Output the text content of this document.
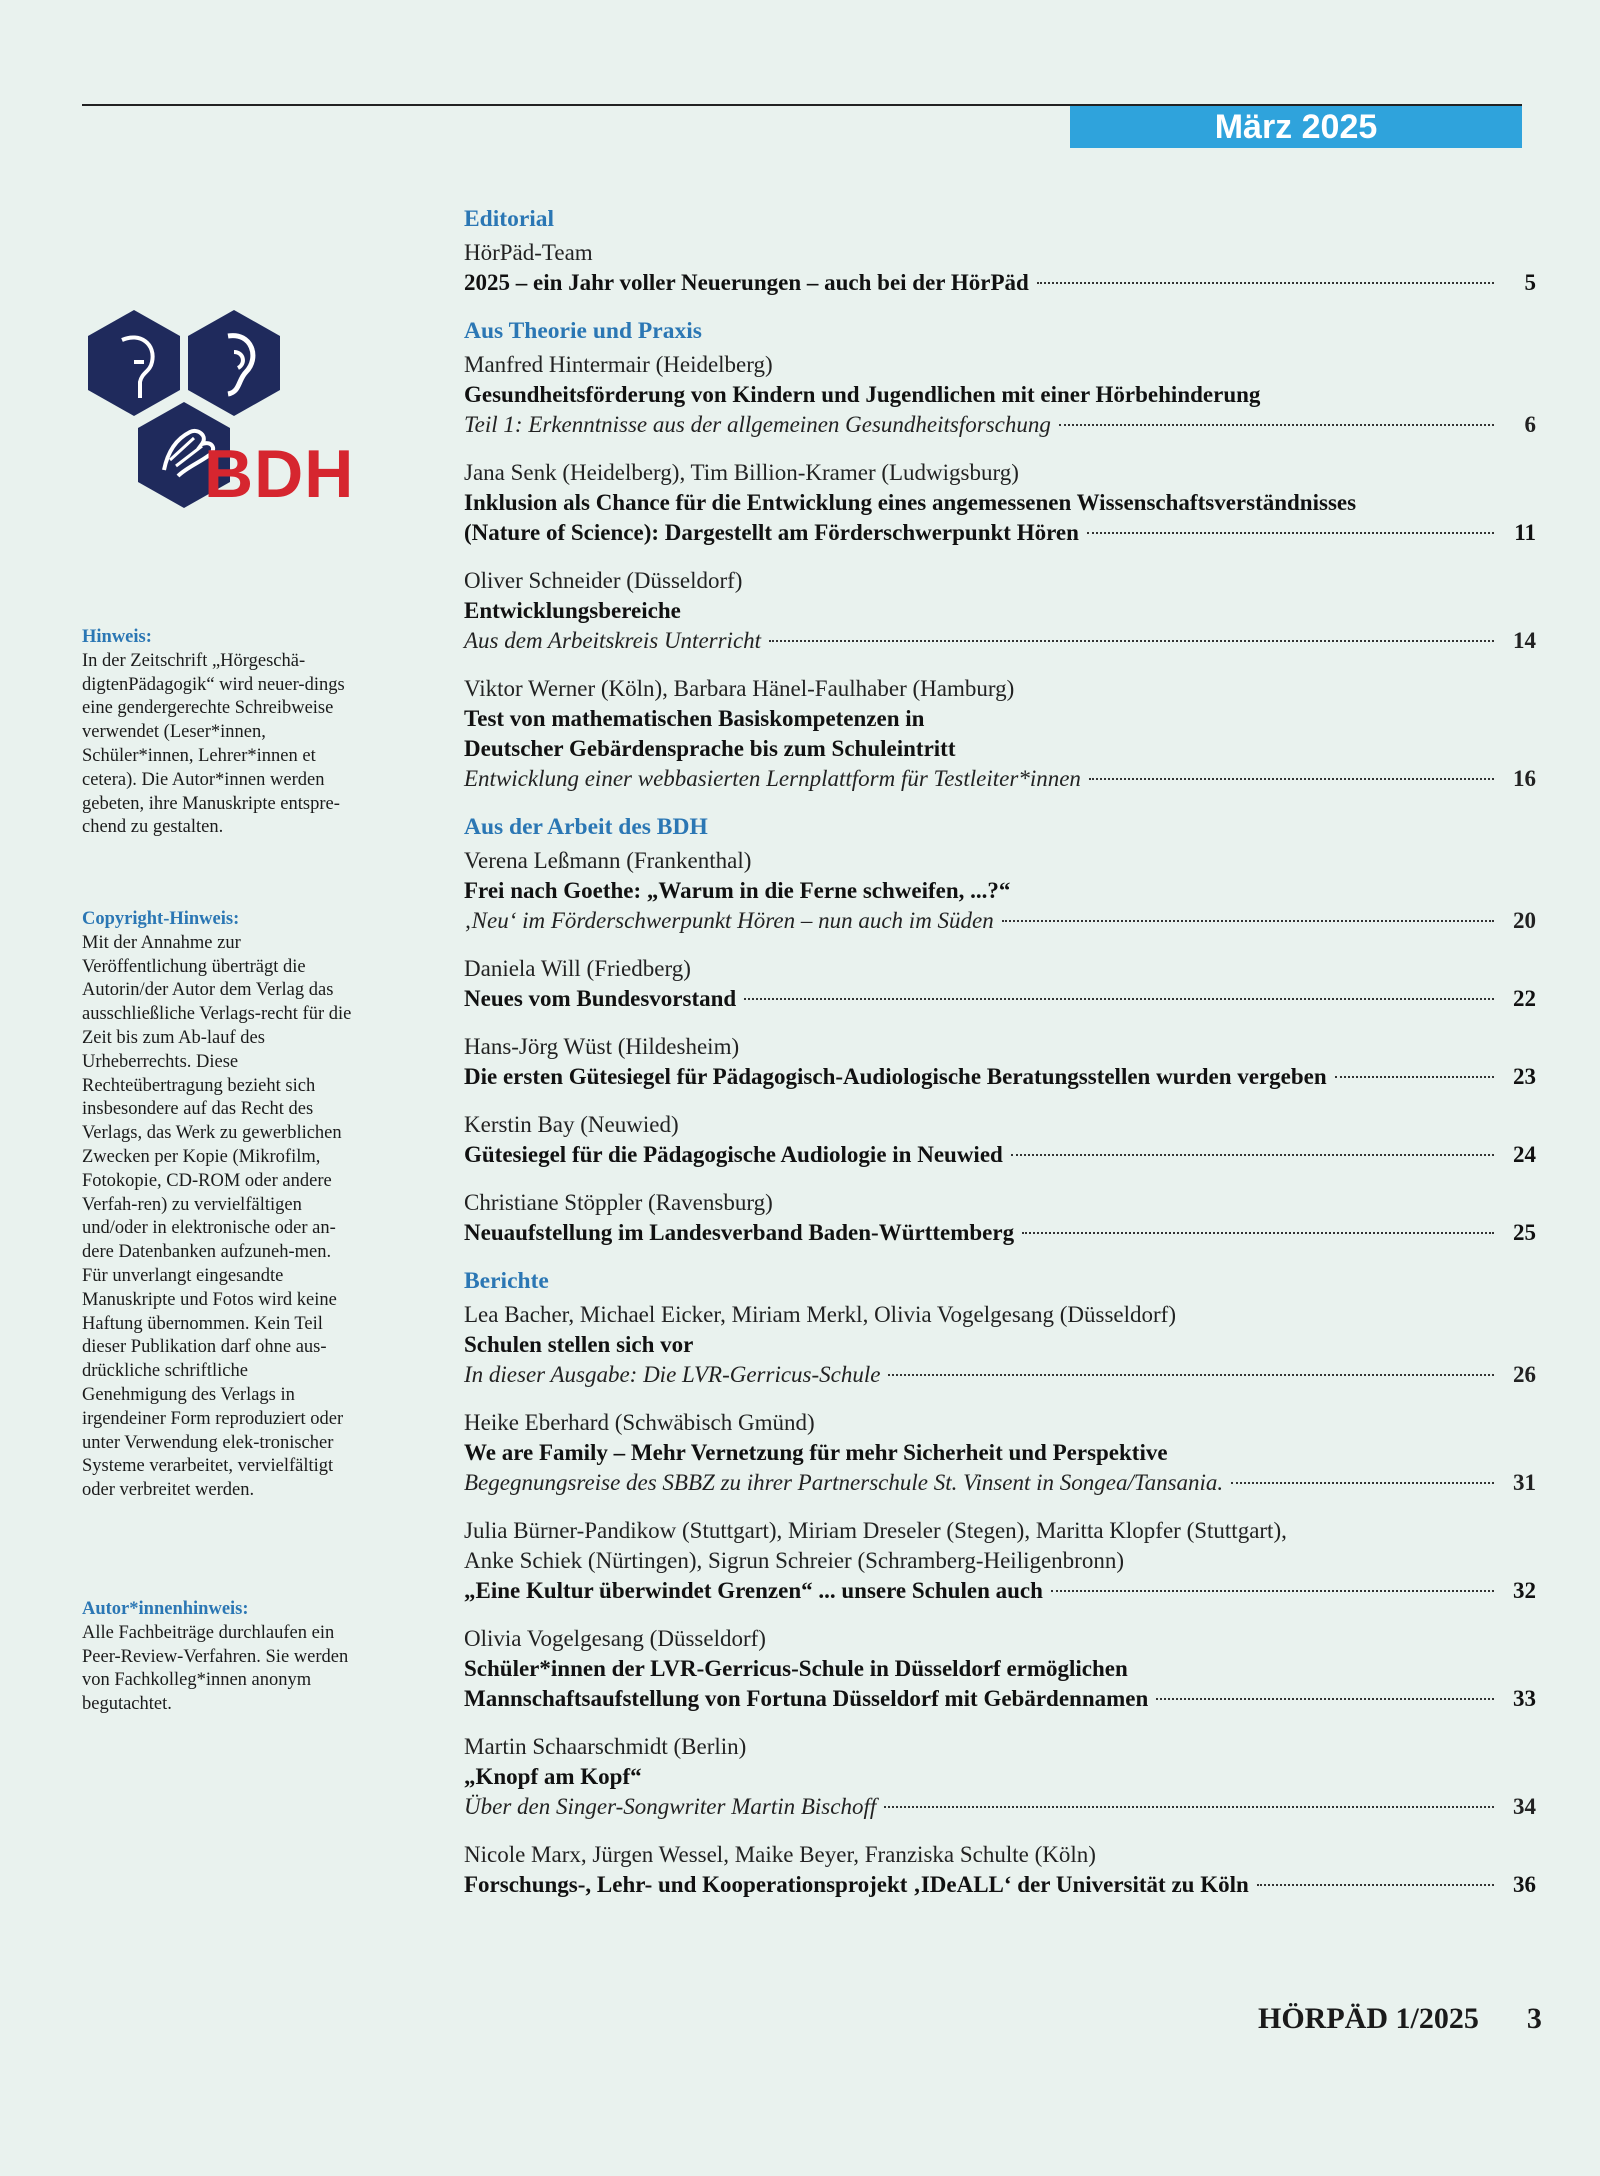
März 2025
BDH
Hinweis:
In der Zeitschrift „Hörgeschä-digtenPädagogik“ wird neuer-dings eine gendergerechte Schreibweise verwendet (Leser*innen, Schüler*innen, Lehrer*innen et cetera). Die Autor*innen werden gebeten, ihre Manuskripte entspre-chend zu gestalten.
Copyright-Hinweis:
Mit der Annahme zur Veröffentlichung überträgt die Autorin/der Autor dem Verlag das ausschließliche Verlags-recht für die Zeit bis zum Ab-lauf des Urheberrechts. Diese Rechteübertragung bezieht sich insbesondere auf das Recht des Verlags, das Werk zu gewerblichen Zwecken per Kopie (Mikrofilm, Fotokopie, CD-ROM oder andere Verfah-ren) zu vervielfältigen und/oder in elektronische oder an-dere Datenbanken aufzuneh-men. Für unverlangt eingesandte Manuskripte und Fotos wird keine Haftung übernommen. Kein Teil dieser Publikation darf ohne aus-drückliche schriftliche Genehmigung des Verlags in irgendeiner Form reproduziert oder unter Verwendung elek-tronischer Systeme verarbeitet, vervielfältigt oder verbreitet werden.
Autor*innenhinweis:
Alle Fachbeiträge durchlaufen ein Peer-Review-Verfahren. Sie werden von Fachkolleg*innen anonym begutachtet.
Editorial
HörPäd-Team
2025 – ein Jahr voller Neuerungen – auch bei der HörPäd	5
Aus Theorie und Praxis
Manfred Hintermair (Heidelberg)
Gesundheitsförderung von Kindern und Jugendlichen mit einer Hörbehinderung
Teil 1: Erkenntnisse aus der allgemeinen Gesundheitsforschung	6
Jana Senk (Heidelberg), Tim Billion-Kramer (Ludwigsburg)
Inklusion als Chance für die Entwicklung eines angemessenen Wissenschaftsverständnisses
(Nature of Science): Dargestellt am Förderschwerpunkt Hören	11
Oliver Schneider (Düsseldorf)
Entwicklungsbereiche
Aus dem Arbeitskreis Unterricht	14
Viktor Werner (Köln), Barbara Hänel-Faulhaber (Hamburg)
Test von mathematischen Basiskompetenzen in
Deutscher Gebärdensprache bis zum Schuleintritt
Entwicklung einer webbasierten Lernplattform für Testleiter*innen	16
Aus der Arbeit des BDH
Verena Leßmann (Frankenthal)
Frei nach Goethe: „Warum in die Ferne schweifen, ...?“
‚Neu‘ im Förderschwerpunkt Hören – nun auch im Süden	20
Daniela Will (Friedberg)
Neues vom Bundesvorstand	22
Hans-Jörg Wüst (Hildesheim)
Die ersten Gütesiegel für Pädagogisch-Audiologische Beratungsstellen wurden vergeben	23
Kerstin Bay (Neuwied)
Gütesiegel für die Pädagogische Audiologie in Neuwied	24
Christiane Stöppler (Ravensburg)
Neuaufstellung im Landesverband Baden-Württemberg	25
Berichte
Lea Bacher, Michael Eicker, Miriam Merkl, Olivia Vogelgesang (Düsseldorf)
Schulen stellen sich vor
In dieser Ausgabe: Die LVR-Gerricus-Schule	26
Heike Eberhard (Schwäbisch Gmünd)
We are Family – Mehr Vernetzung für mehr Sicherheit und Perspektive
Begegnungsreise des SBBZ zu ihrer Partnerschule St. Vinsent in Songea/Tansania.	31
Julia Bürner-Pandikow (Stuttgart), Miriam Dreseler (Stegen), Maritta Klopfer (Stuttgart),
Anke Schiek (Nürtingen), Sigrun Schreier (Schramberg-Heiligenbronn)
„Eine Kultur überwindet Grenzen“ ... unsere Schulen auch	32
Olivia Vogelgesang (Düsseldorf)
Schüler*innen der LVR-Gerricus-Schule in Düsseldorf ermöglichen
Mannschaftsaufstellung von Fortuna Düsseldorf mit Gebärdennamen	33
Martin Schaarschmidt (Berlin)
„Knopf am Kopf“
Über den Singer-Songwriter Martin Bischoff	34
Nicole Marx, Jürgen Wessel, Maike Beyer, Franziska Schulte (Köln)
Forschungs-, Lehr- und Kooperationsprojekt ‚IDeALL‘ der Universität zu Köln	36
HÖRPÄD 1/2025 3
